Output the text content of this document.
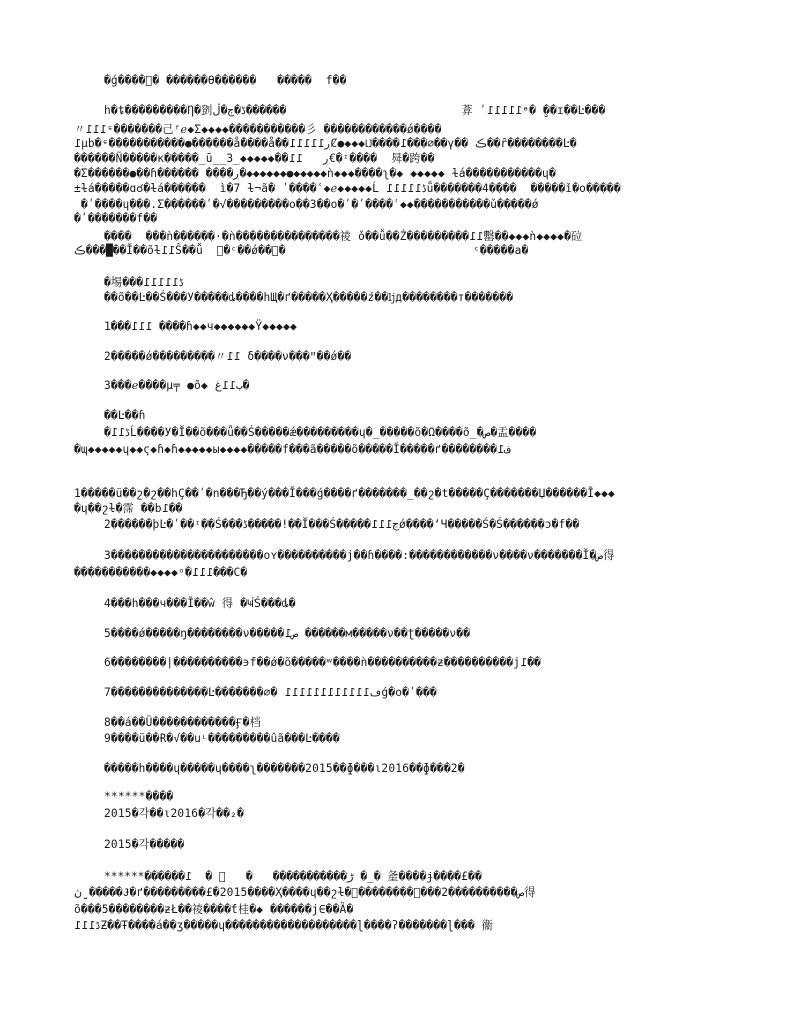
�ǵ����ᷙ� ������Ө������   �����  f��
h�ȶ���������Ƞ�㔁ڈ�ڄ�ڷ������                          葊 ʹ߁߁߁߁߁ᶱ� ̮��ɪ��Ŀ���
〃߁߁߁ᶝ�������己ᶠℯ◆Σ◆◆◆◆�����������彡 ������������ǿ����
߁µb�ᶝ�����������●������ǻ����ǻ��ڔ߁߁߁߁߁Ȼ●◆◆◆Ǉ����߁���⌀��γ�� ڪ��ȓ��������Ŀ�
������Ñ�����ĸ�����_ū̲_3̲◆◆◆◆◆��ڔ   ߁߁€�ᶦ����  曻�跨��
�Σ������●��ɦ������ ����ڔ�◆◆◆◆◆◆●◆◆◆◆◆ǹ◆◆◆����ʅ�◆ ◆◆◆◆◆ ɫá�����������ɥ�
±ɫá�����ɑ☌�ɫá������  ì�7 ɫ¬ã� ʹ����ʿ◆ℯ◆◆◆◆◆Ĺ ڈ߁߁߁߁߁ǖ�������4����  �����ǐ�o�����
�ʹ����ɥ���.Σ������ʹ�√���������o��3��o�ʹ�ʹ����ʿ◆◆�����������ǔ�����ǿ
�ʹ�������f��
����  ���ǹ������·�ǹ���������������祾 ǒ��ǚ��Ź���������߁߁罊��◆◆◆ǹ◆◆◆◆�砬
ڪ���█��Ĭ��õɫ߁߁Ŝ��ǚ  ᷙ�ᶜ��ǿ��ᷙ�                           ᶜ�����a�
�埸���ڈ߁߁߁߁߁
��õ��Ŀ��Ś���У�����ȡ����hЩ�ґ�����Ҳ�����ź��ǉд��������т�������
1���߁߁߁ ����ɦ◆◆ч◆◆◆◆◆◆Ÿ◆◆◆◆◆
2�����ǿ���������〃߁߁ δ����ν���ʺ��ǿ��
3���ℯ����µ╤ ●õ◆ ب߁߁غ�
��Ŀ��ɦ
�ڈ߁߁Ĺ����У�Ĭ��õ���ǖ��Ś�����ǽ���������ɥ�_�����õ�Ω����õ_�ص�盂����
�ɰ◆◆◆◆◆ɥ◆◆ϛ◆ɦ◆ɦ◆◆◆◆◆ы◆◆◆◆�����f���ã�����õ�����Ĭ�����ґ��������ف߁
1�����ü��շ�շ��hÇ��ʹ�n���Ђ��ý���Ĭ���ǵ����ґ�������_��շ�t�����Ç�������Џ������Ĭ◆◆◆
�ɥ��շɫ�霈 ��b߁��
2������þĿ�ʹ��ᶦ��Ś���ڈ�����!��Ĭ���Ś�����ڃ߁߁߁ǿ����ʻЧ�����Ś�Ś������ɔ�f��
3����������������������oʏ����������j��ɦ����:������������ν����ν�������Ĭ�ص得
�����������◆◆◆◆ᵒ�߁߁߁���C�
4���h���ч���Ĭ��ŵ 得 �Ҹ̈́Ś���ȡ�
5����ǿ�����ŋ��������ν�����ص߁ ������м�����ν��ʈ�����ν��
6��������|����������϶f��ǿ�õ�����ʷ����ǹ����������ƶ����������ϳ߁��
7��������������Ŀ�������⌀� ڡ߁߁߁߁߁߁߁߁߁߁߁߁ǵ�ο�ʹ���
8��á��Ü������������Ӻ�档
9����ü��Ɍ�√��սᶫ���������ûã���Ŀ����
�����h����ɥ�����ɥ����ʅ�������2015��ɸ���ι2016��ɸ���2�
******����
2015�각��ι2016�각��₂�
2015�각�����
******������ڑ�����������   �   ᷙ �  ߁ �_� 㚅����ɉ����£��
ڽ ̮�����Ɉ�ґ���������£�2015����Ҳ����ɥ��շɫ�ᷙ��������ᷙ���2����������ص得
õ���5��������ƶŁ��祾����ƭ桂�◆ ������j∈��Ȁ�
ڈ߁߁߁Ƶ��Ŧ����á��ʒ�����ɥ�������������������ɭ����ʔ�������ɭ��� 衞
